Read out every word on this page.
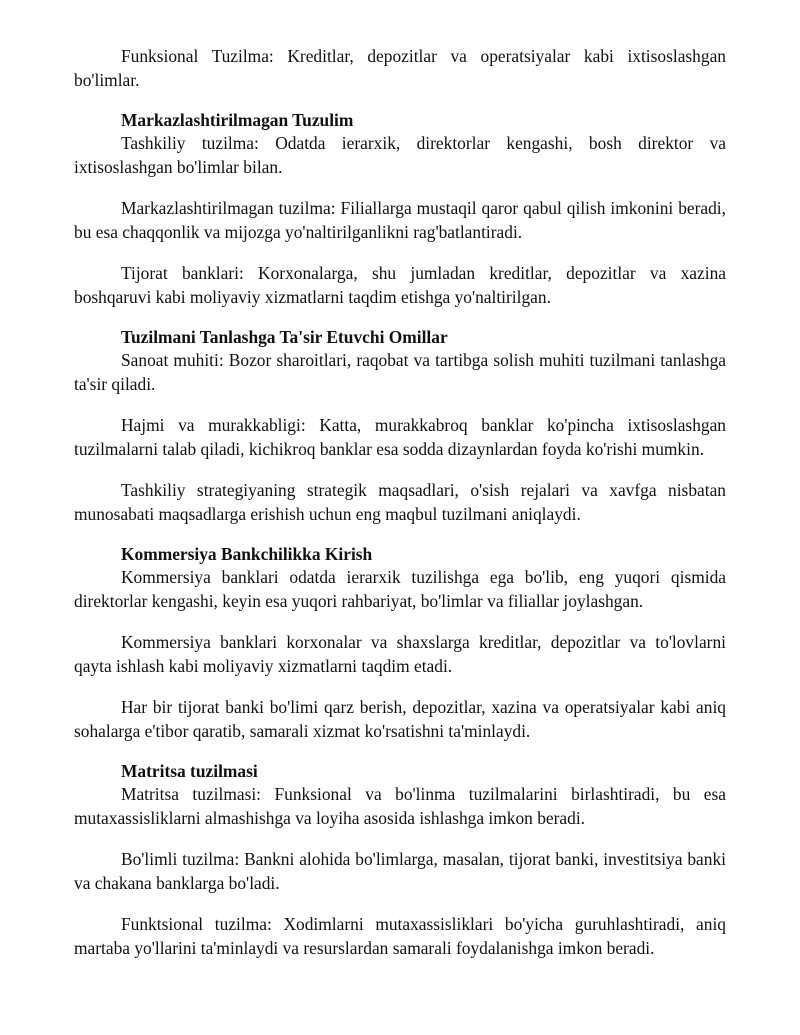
Funksional Tuzilma: Kreditlar, depozitlar va operatsiyalar kabi ixtisoslashgan bo'limlar.

Markazlashtirilmagan Tuzulim

Tashkiliy tuzilma: Odatda ierarxik, direktorlar kengashi, bosh direktor va ixtisoslashgan bo'limlar bilan.

Markazlashtirilmagan tuzilma: Filiallarga mustaqil qaror qabul qilish imkonini beradi, bu esa chaqqonlik va mijozga yo'naltirilganlikni rag'batlantiradi.

Tijorat banklari: Korxonalarga, shu jumladan kreditlar, depozitlar va xazina boshqaruvi kabi moliyaviy xizmatlarni taqdim etishga yo'naltirilgan.

Tuzilmani Tanlashga Ta'sir Etuvchi Omillar

Sanoat muhiti: Bozor sharoitlari, raqobat va tartibga solish muhiti tuzilmani tanlashga ta'sir qiladi.

Hajmi va murakkabligi: Katta, murakkabroq banklar ko'pincha ixtisoslashgan tuzilmalarni talab qiladi, kichikroq banklar esa sodda dizaynlardan foyda ko'rishi mumkin.

Tashkiliy strategiyaning strategik maqsadlari, o'sish rejalari va xavfga nisbatan munosabati maqsadlarga erishish uchun eng maqbul tuzilmani aniqlaydi.

Kommersiya Bankchilikka Kirish

Kommersiya banklari odatda ierarxik tuzilishga ega bo'lib, eng yuqori qismida direktorlar kengashi, keyin esa yuqori rahbariyat, bo'limlar va filiallar joylashgan.

Kommersiya banklari korxonalar va shaxslarga kreditlar, depozitlar va to'lovlarni qayta ishlash kabi moliyaviy xizmatlarni taqdim etadi.

Har bir tijorat banki bo'limi qarz berish, depozitlar, xazina va operatsiyalar kabi aniq sohalarga e'tibor qaratib, samarali xizmat ko'rsatishni ta'minlaydi.

Matritsa tuzilmasi

Matritsa tuzilmasi: Funksional va bo'linma tuzilmalarini birlashtiradi, bu esa mutaxassisliklarni almashishga va loyiha asosida ishlashga imkon beradi.

Bo'limli tuzilma: Bankni alohida bo'limlarga, masalan, tijorat banki, investitsiya banki va chakana banklarga bo'ladi.

Funktsional tuzilma: Xodimlarni mutaxassisliklari bo'yicha guruhlashtiradi, aniq martaba yo'llarini ta'minlaydi va resurslardan samarali foydalanishga imkon beradi.
